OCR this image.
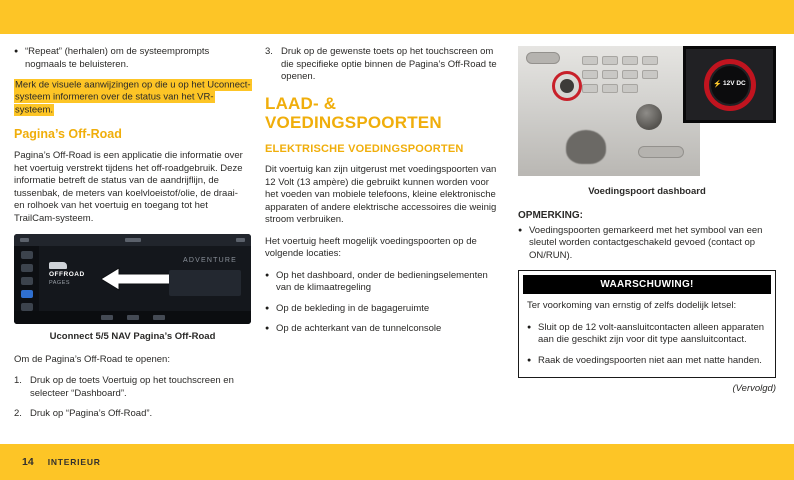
● “Repeat” (herhalen) om de systeemprompts nogmaals te beluisteren.
Merk de visuele aanwijzingen op die u op het Uconnect-systeem informeren over de status van het VR-systeem.
Pagina’s Off-Road

Pagina’s Off-Road is een applicatie die informatie over het voertuig verstrekt tijdens het off-roadgebruik. Deze informatie betreft de status van de aandrijflijn, de tussenbak, de meters van koelvloeistof/olie, de draai- en rolhoek van het voertuig en toegang tot het TrailCam-systeem.

OFFROAD
PAGES
ADVENTURE
Uconnect 5/5 NAV Pagina’s Off-Road

Om de Pagina’s Off-Road te openen:

1. Druk op de toets Voertuig op het touchscreen en selecteer “Dashboard”.
2. Druk op “Pagina’s Off-Road”.
3. Druk op de gewenste toets op het touchscreen om die specifieke optie binnen de Pagina’s Off-Road te openen.
LAAD- & VOEDINGSPOORTEN
ELEKTRISCHE VOEDINGSPOORTEN

Dit voertuig kan zijn uitgerust met voedingspoorten van 12 Volt (13 ampère) die gebruikt kunnen worden voor het voeden van mobiele telefoons, kleine elektronische apparaten of andere elektrische accessoires die weinig stroom verbruiken.

Het voertuig heeft mogelijk voedingspoorten op de volgende locaties:

● Op het dashboard, onder de bedieningselementen van de klimaatregeling
● Op de bekleding in de bagageruimte
● Op de achterkant van de tunnelconsole
⚡ 12V DC
Voedingspoort dashboard
OPMERKING:
● Voedingspoorten gemarkeerd met het symbool van een sleutel worden contactgeschakeld gevoed (contact op ON/RUN).
WAARSCHUWING!

Ter voorkoming van ernstig of zelfs dodelijk letsel:

● Sluit op de 12 volt-aansluitcontacten alleen apparaten aan die geschikt zijn voor dit type aansluitcontact.
● Raak de voedingspoorten niet aan met natte handen.
(Vervolgd)
14 INTERIEUR
